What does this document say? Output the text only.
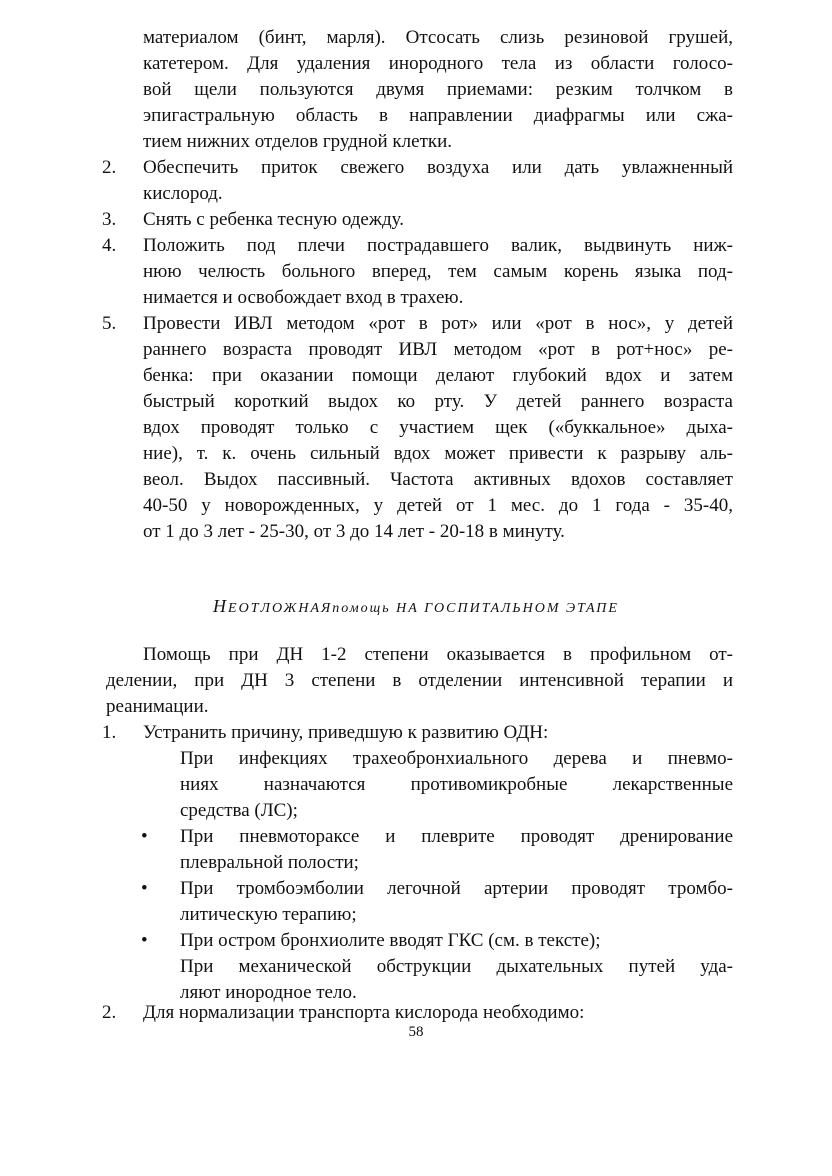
материалом (бинт, марля). Отсосать слизь резиновой грушей,
катетером. Для удаления инородного тела из области голосо-
вой щели пользуются двумя приемами: резким толчком в
эпигастральную область в направлении диафрагмы или сжа-
тием нижних отделов грудной клетки.
2. Обеспечить приток свежего воздуха или дать увлажненный
кислород.
3. Снять с ребенка тесную одежду.
4. Положить под плечи пострадавшего валик, выдвинуть ниж-
нюю челюсть больного вперед, тем самым корень языка под-
нимается и освобождает вход в трахею.
5. Провести ИВЛ методом «рот в рот» или «рот в нос», у детей
раннего возраста проводят ИВЛ методом «рот в рот+нос» ре-
бенка: при оказании помощи делают глубокий вдох и затем
быстрый короткий выдох ко рту. У детей раннего возраста
вдох проводят только с участием щек («буккальное» дыха-
ние), т. к. очень сильный вдох может привести к разрыву аль-
веол. Выдох пассивный. Частота активных вдохов составляет
40-50 у новорожденных, у детей от 1 мес. до 1 года - 35-40,
от 1 до 3 лет - 25-30, от 3 до 14 лет - 20-18 в минуту.
НЕОТЛОЖНАЯпомощь НА ГОСПИТАЛЬНОМ ЭТАПЕ
Помощь при ДН 1-2 степени оказывается в профильном от-
делении, при ДН 3 степени в отделении интенсивной терапии и
реанимации.
1. Устранить причину, приведшую к развитию ОДН:
При инфекциях трахеобронхиального дерева и пневмо-
ниях назначаются противомикробные лекарственные
средства (ЛС);
• При пневмотораксе и плеврите проводят дренирование
плевральной полости;
• При тромбоэмболии легочной артерии проводят тромбо-
литическую терапию;
• При остром бронхиолите вводят ГКС (см. в тексте);
При механической обструкции дыхательных путей уда-
ляют инородное тело.
2. Для нормализации транспорта кислорода необходимо:
58
